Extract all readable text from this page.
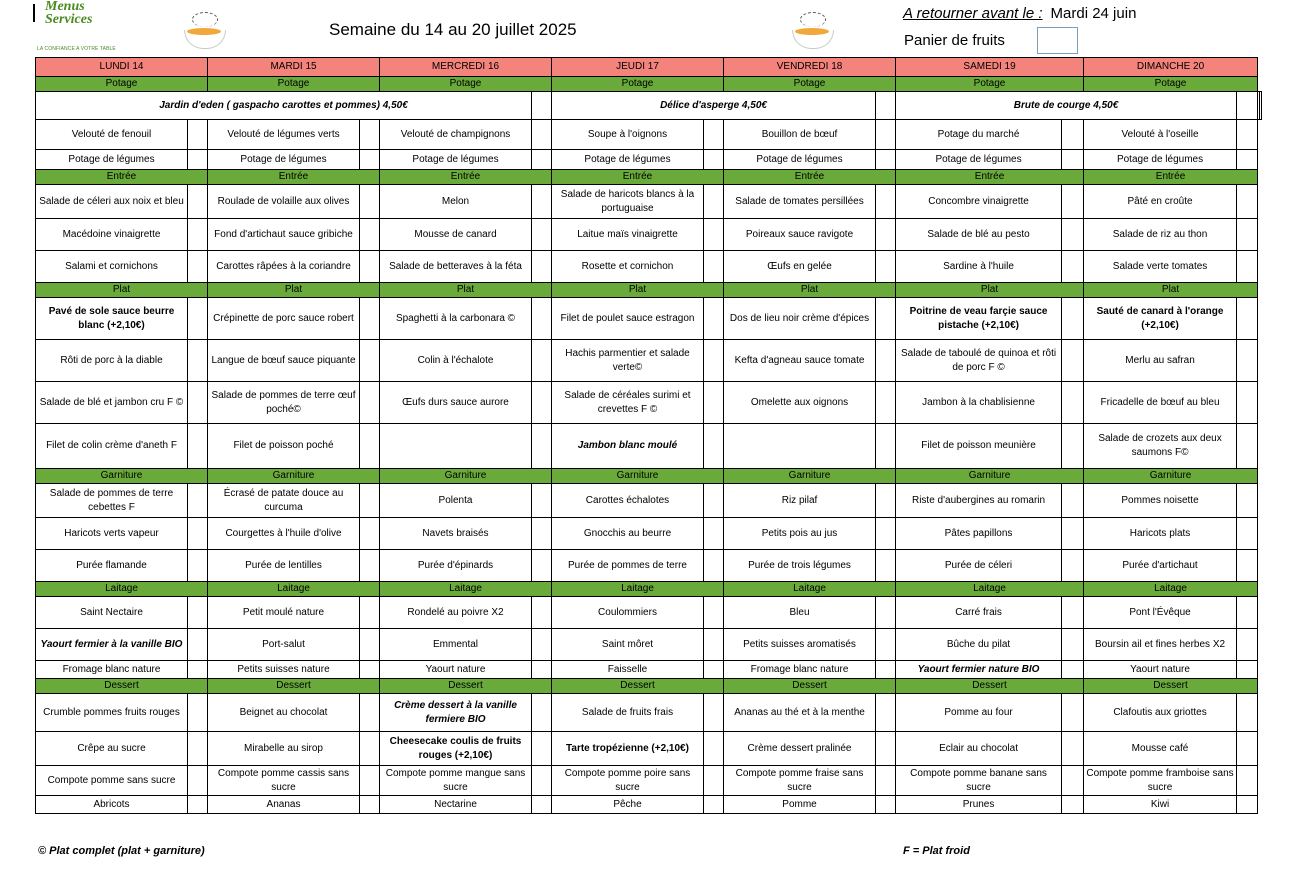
Menus
Services
LA CONFIANCE A VOTRE TABLE
Semaine du 14 au 20 juillet 2025
A retourner avant le : Mardi 24 juin
Panier de fruits
LUNDI 14		MARDI 15		MERCREDI 16		JEUDI 17		VENDREDI 18		SAMEDI 19		DIMANCHE 20			
Potage		Potage		Potage		Potage		Potage		Potage		Potage			
Jardin d'eden ( gaspacho carottes et pommes) 4,50€						Délice d'asperge 4,50€				Brute de courge 4,50€					
Velouté de fenouil		Velouté de légumes verts		Velouté de champignons		Soupe à l'oignons		Bouillon de bœuf		Potage du marché		Velouté à l'oseille			
Potage de légumes		Potage de légumes		Potage de légumes		Potage de légumes		Potage de légumes		Potage de légumes		Potage de légumes			
Entrée		Entrée		Entrée		Entrée		Entrée		Entrée		Entrée			
Salade de céleri aux noix et bleu		Roulade de volaille aux olives		Melon		Salade de haricots blancs à la portuguaise		Salade de tomates persillées		Concombre vinaigrette		Pâté en croûte			
Macédoine vinaigrette		Fond d'artichaut sauce gribiche		Mousse de canard		Laitue maïs vinaigrette		Poireaux sauce ravigote		Salade de blé au pesto		Salade de riz au thon			
Salami et cornichons		Carottes râpées à la coriandre		Salade de betteraves à la féta		Rosette et cornichon		Œufs en gelée		Sardine à l'huile		Salade verte tomates			
Plat		Plat		Plat		Plat		Plat		Plat		Plat			
Pavé de sole sauce beurre blanc (+2,10€)		Crépinette de porc sauce robert		Spaghetti à la carbonara ©		Filet de poulet sauce estragon		Dos de lieu noir crème d'épices		Poitrine de veau farçie sauce pistache (+2,10€)		Sauté de canard à l'orange (+2,10€)			
Rôti de porc à la diable		Langue de bœuf sauce piquante		Colin à l'échalote		Hachis parmentier et salade verte©		Kefta d'agneau sauce tomate		Salade de taboulé de quinoa et rôti de porc F ©		Merlu au safran			
Salade de blé et jambon cru F ©		Salade de pommes de terre œuf poché©		Œufs durs sauce aurore		Salade de céréales surimi et crevettes F ©		Omelette aux oignons		Jambon à la chablisienne		Fricadelle de bœuf au bleu			
Filet de colin crème d'aneth F		Filet de poisson poché				Jambon blanc moulé				Filet de poisson meunière		Salade de crozets aux deux saumons F©			
Garniture		Garniture		Garniture		Garniture		Garniture		Garniture		Garniture			
Salade de pommes de terre cebettes F		Écrasé de patate douce au curcuma		Polenta		Carottes échalotes		Riz pilaf		Riste d'aubergines au romarin		Pommes noisette			
Haricots verts vapeur		Courgettes à l'huile d'olive		Navets braisés		Gnocchis au beurre		Petits pois au jus		Pâtes papillons		Haricots plats			
Purée flamande		Purée de lentilles		Purée d'épinards		Purée de pommes de terre		Purée de trois légumes		Purée de céleri		Purée d'artichaut			
Laitage		Laitage		Laitage		Laitage		Laitage		Laitage		Laitage			
Saint Nectaire		Petit moulé nature		Rondelé au poivre X2		Coulommiers		Bleu		Carré frais		Pont l'Évêque			
Yaourt fermier à la vanille BIO		Port-salut		Emmental		Saint môret		Petits suisses aromatisés		Bûche du pilat		Boursin ail et fines herbes X2			
Fromage blanc nature		Petits suisses nature		Yaourt nature		Faisselle		Fromage blanc nature		Yaourt fermier nature BIO		Yaourt nature			
Dessert		Dessert		Dessert		Dessert		Dessert		Dessert		Dessert			
Crumble pommes fruits rouges		Beignet au chocolat		Crème dessert à la vanille fermiere BIO		Salade de fruits frais		Ananas au thé et à la menthe		Pomme au four		Clafoutis aux griottes			
Crêpe au sucre		Mirabelle au sirop		Cheesecake coulis de fruits rouges (+2,10€)		Tarte tropézienne (+2,10€)		Crème dessert pralinée		Eclair au chocolat		Mousse café			
Compote pomme sans sucre		Compote pomme cassis sans sucre		Compote pomme mangue sans sucre		Compote pomme poire sans sucre		Compote pomme fraise sans sucre		Compote pomme banane sans sucre		Compote pomme framboise sans sucre			
Abricots		Ananas		Nectarine		Pêche		Pomme		Prunes		Kiwi			
© Plat complet (plat + garniture)	F = Plat froid
